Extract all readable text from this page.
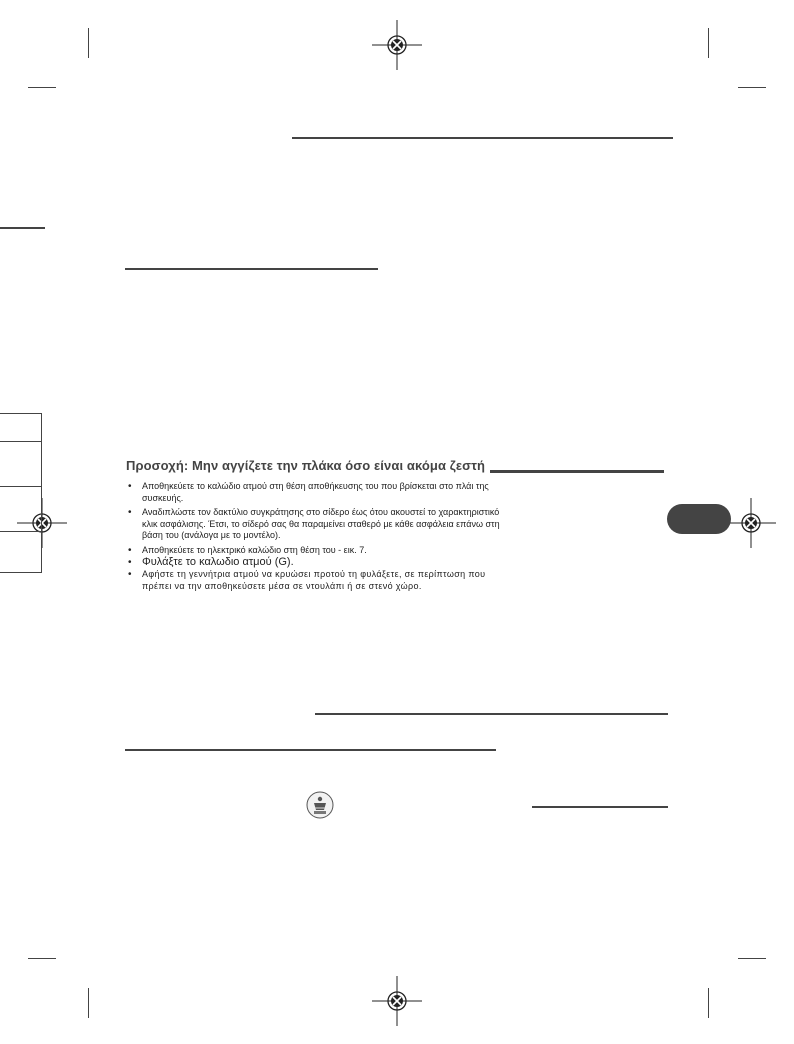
Προσοχή: Μην αγγίζετε την πλάκα όσο είναι ακόμα ζεστή
• Αποθηκεύετε το καλώδιο ατμού στη θέση αποθήκευσης του που βρίσκεται στο πλάι της συσκευής.
• Αναδιπλώστε τον δακτύλιο συγκράτησης στο σίδερο έως ότου ακουστεί το χαρακτηριστικό κλικ ασφάλισης. Έτσι, το σίδερό σας θα παραμείνει σταθερό με κάθε ασφάλεια επάνω στη βάση του (ανάλογα με το μοντέλο).
• Αποθηκεύετε το ηλεκτρικό καλώδιο στη θέση του - εικ. 7.
• Φυλάξτε το καλωδιο ατμού (G).
• Αφήστε τη γεννήτρια ατμού να κρυώσει προτού τη φυλάξετε, σε περίπτωση που πρέπει να την αποθηκεύσετε μέσα σε ντουλάπι ή σε στενό χώρο.
